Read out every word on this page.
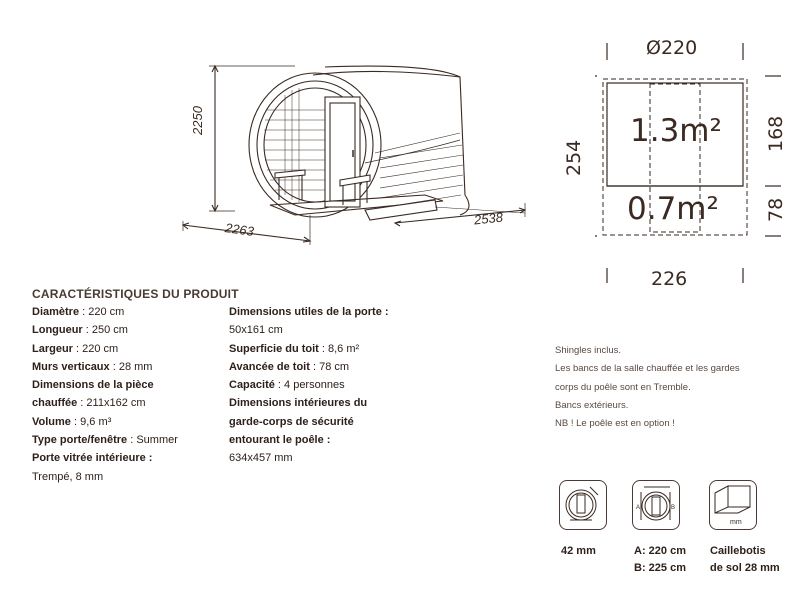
2250
2263
2538
Ø220
254
168
78
226
1.3m²
0.7m²
CARACTÉRISTIQUES DU PRODUIT
Diamètre : 220 cm
Longueur : 250 cm
Largeur : 220 cm
Murs verticaux : 28 mm
Dimensions de la pièce
chauffée : 211x162 cm
Volume : 9,6 m³
Type porte/fenêtre : Summer
Porte vitrée intérieure :
Trempé, 8 mm
Dimensions utiles de la porte :
50x161 cm
Superficie du toit : 8,6 m²
Avancée de toit : 78 cm
Capacité : 4 personnes
Dimensions intérieures du
garde-corps de sécurité
entourant le poêle :
634x457 mm
Shingles inclus.
Les bancs de la salle chauffée et les gardes
corps du poêle sont en Tremble.
Bancs extérieurs.
NB ! Le poêle est en option !
A	B
mm
42 mm	A: 220 cm
B: 225 cm
Caillebotis
de sol 28 mm
